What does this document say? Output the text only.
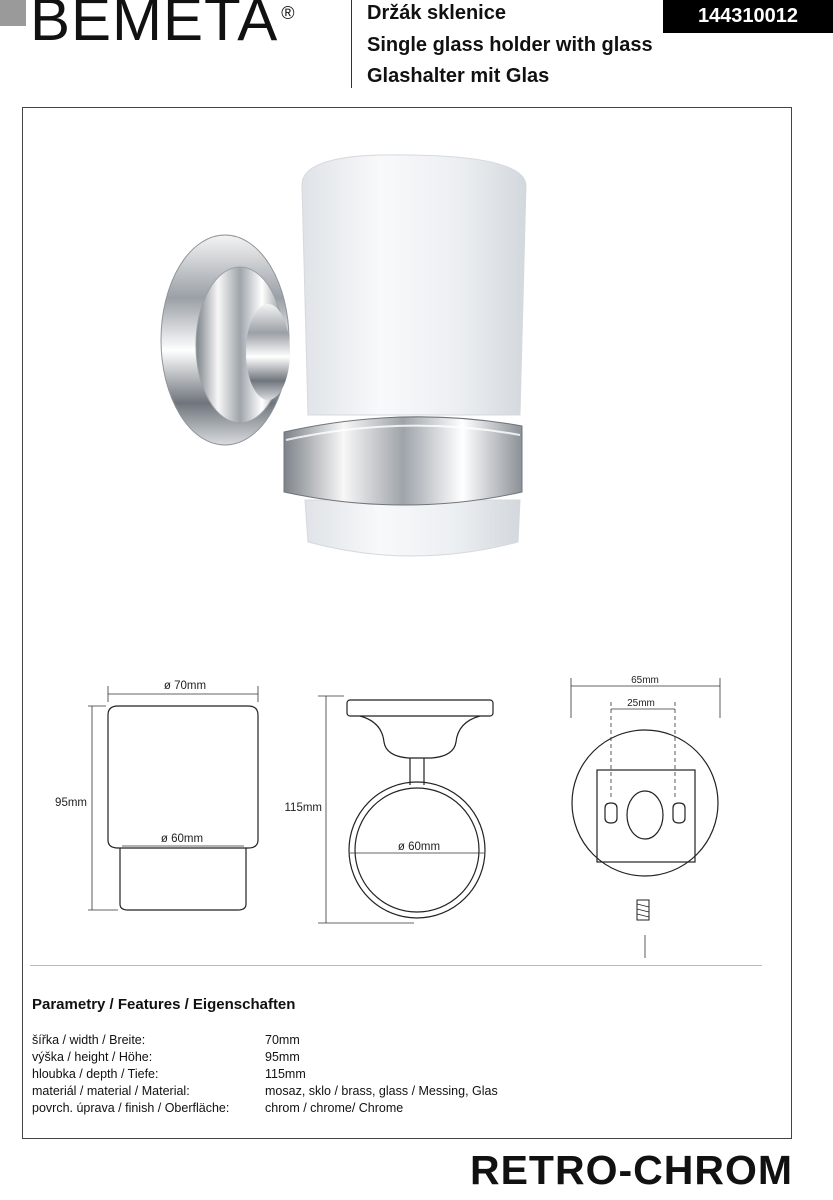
BEMETA ®	Držák sklenice
Single glass holder with glass
Glashalter mit Glas
144310012
ø 70mm
ø 60mm
95mm	115mm
ø 60mm
65mm
25mm
Parametry / Features / Eigenschaften
šířka / width / Breite:	70mm
výška / height / Höhe:	95mm
hloubka / depth / Tiefe:	115mm
materiál / material / Material:	mosaz, sklo / brass, glass / Messing, Glas
povrch. úprava / finish / Oberfläche:	chrom / chrome/ Chrome
RETRO-CHROM
